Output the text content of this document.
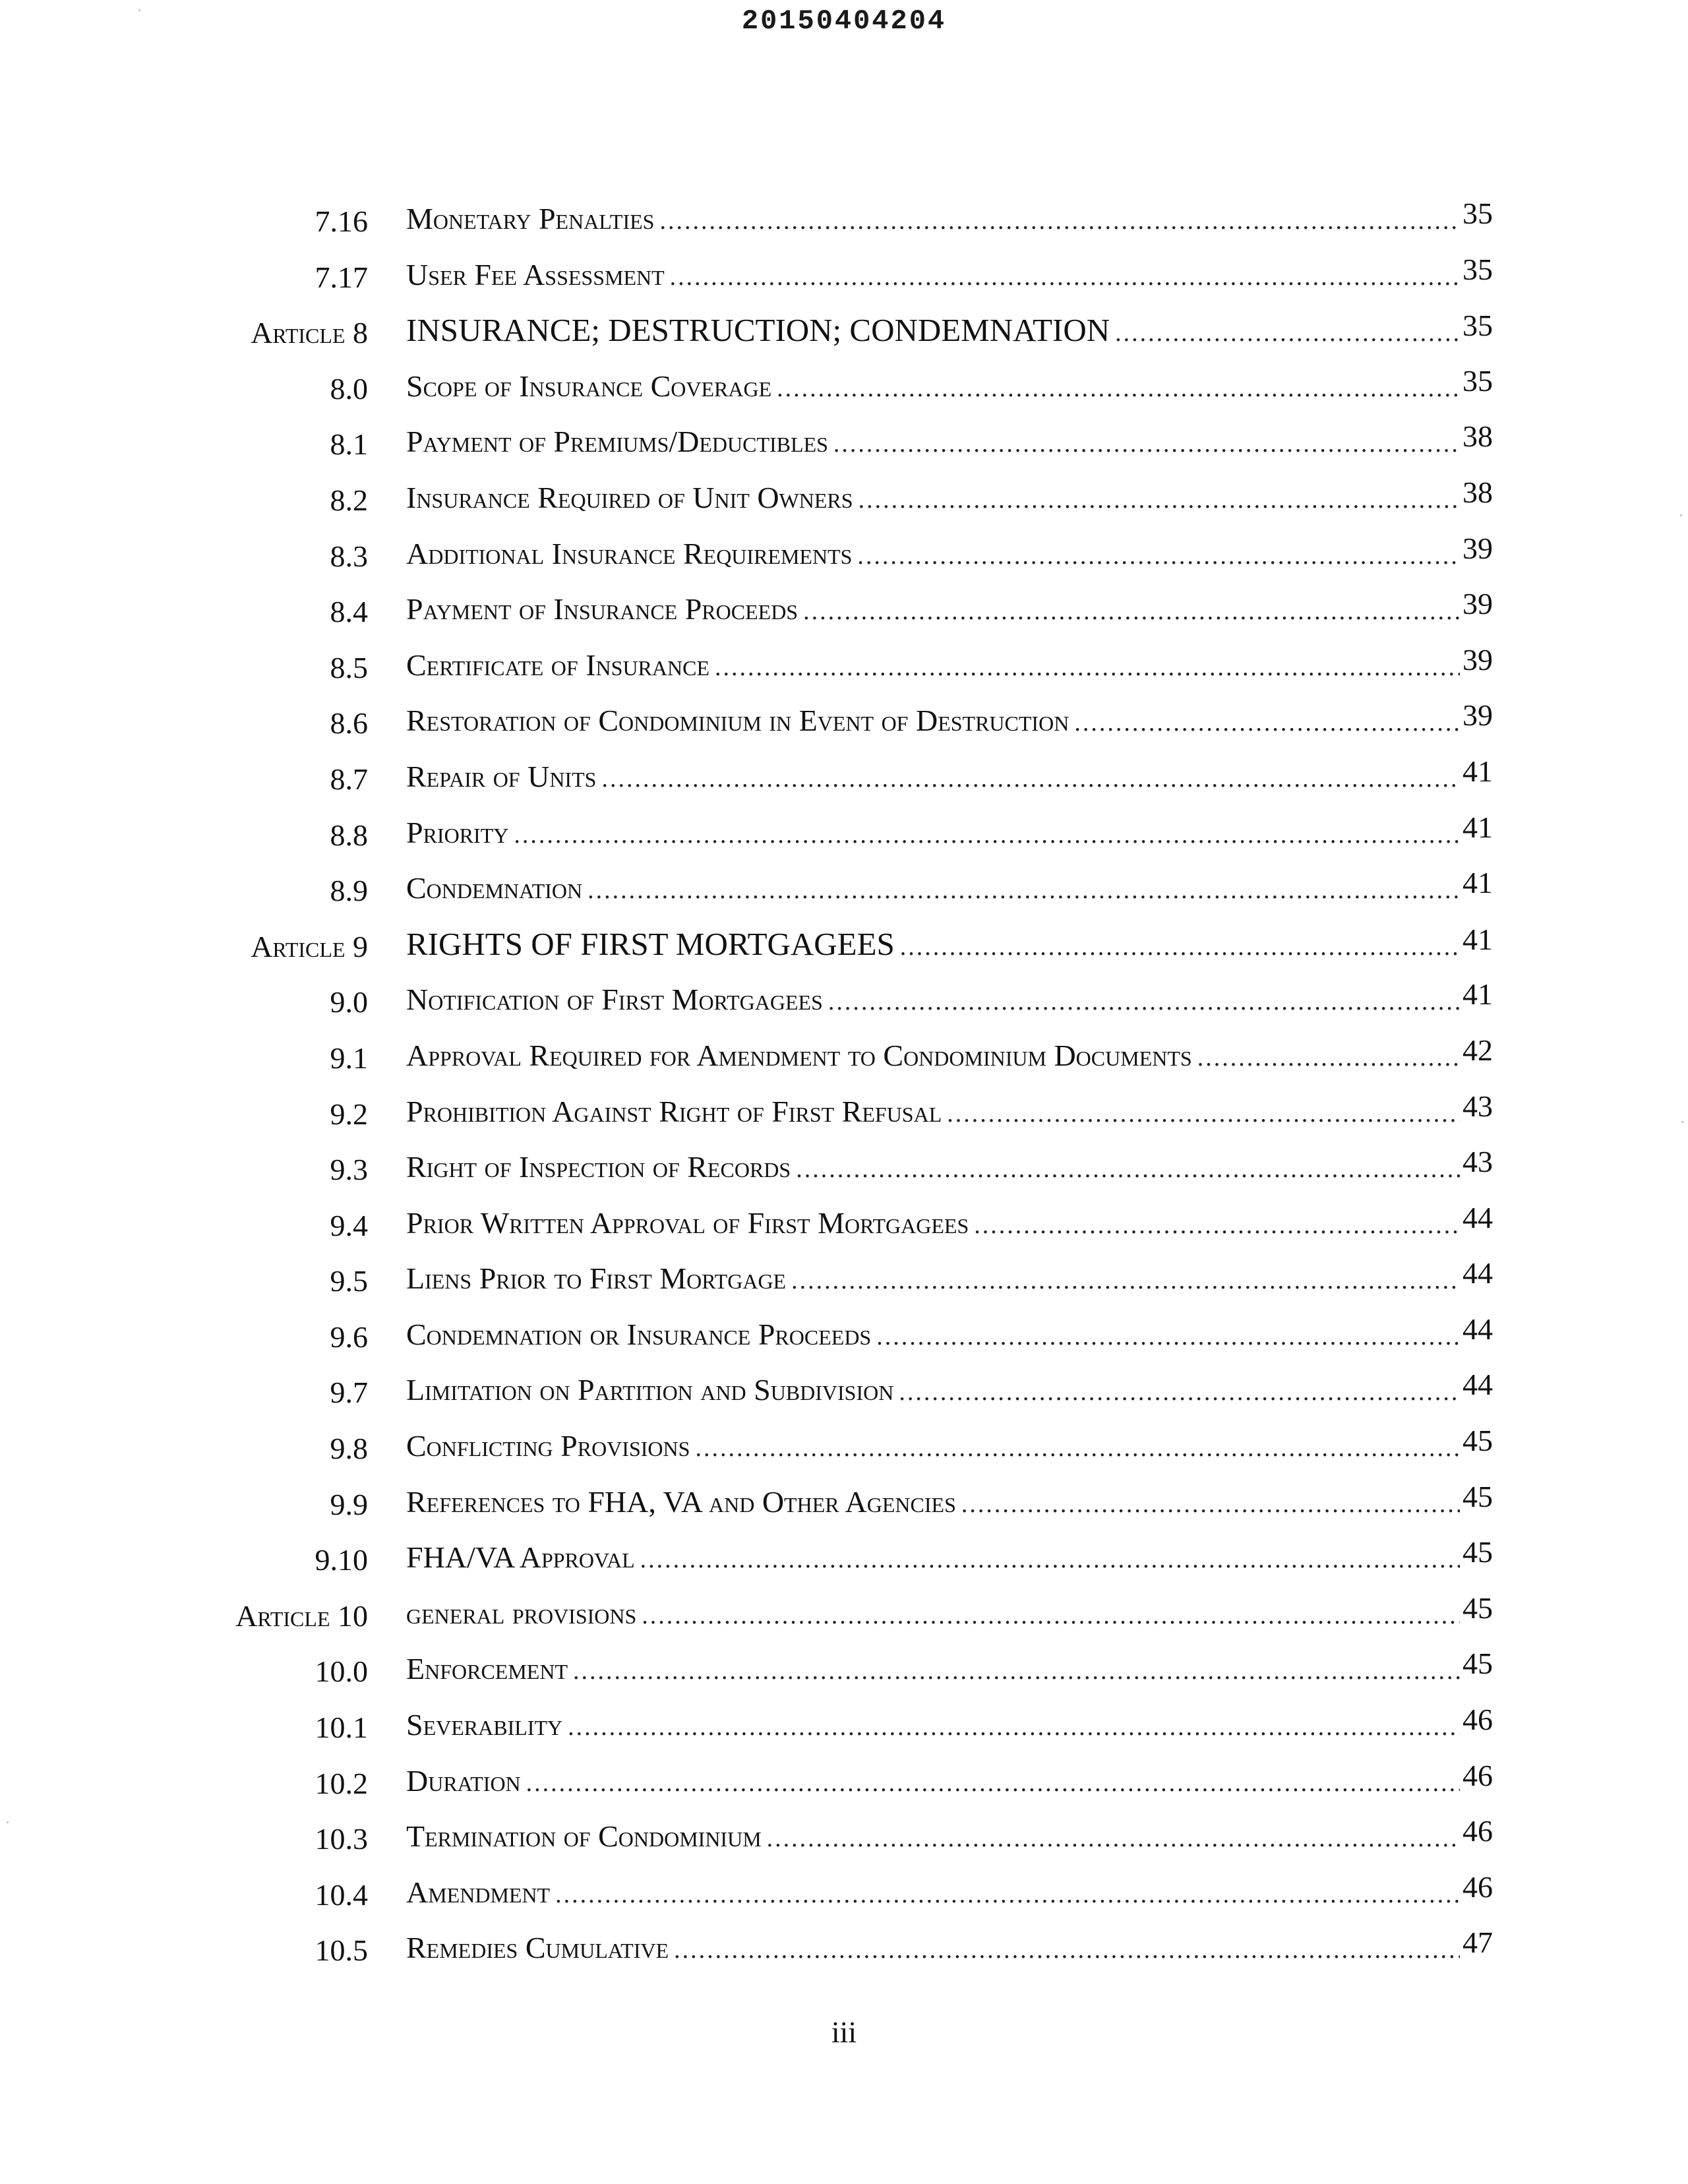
20150404204
7.16 Monetary Penalties .....	35
7.17 User Fee Assessment .....	35
Article 8 INSURANCE; DESTRUCTION; CONDEMNATION .....	35
8.0 Scope of Insurance Coverage .....	35
8.1 Payment of Premiums/Deductibles .....	38
8.2 Insurance Required of Unit Owners .....	38
8.3 Additional Insurance Requirements .....	39
8.4 Payment of Insurance Proceeds .....	39
8.5 Certificate of Insurance .....	39
8.6 Restoration of Condominium in Event of Destruction .....	39
8.7 Repair of Units .....	41
8.8 Priority .....	41
8.9 Condemnation .....	41
Article 9 RIGHTS OF FIRST MORTGAGEES .....	41
9.0 Notification of First Mortgagees .....	41
9.1 Approval Required for Amendment to Condominium Documents .....	42
9.2 Prohibition Against Right of First Refusal .....	43
9.3 Right of Inspection of Records .....	43
9.4 Prior Written Approval of First Mortgagees .....	44
9.5 Liens Prior to First Mortgage .....	44
9.6 Condemnation or Insurance Proceeds .....	44
9.7 Limitation on Partition and Subdivision .....	44
9.8 Conflicting Provisions .....	45
9.9 References to FHA, VA and Other Agencies .....	45
9.10 FHA/VA Approval .....	45
Article 10 general provisions .....	45
10.0 Enforcement .....	45
10.1 Severability .....	46
10.2 Duration .....	46
10.3 Termination of Condominium .....	46
10.4 Amendment .....	46
10.5 Remedies Cumulative .....	47
iii
